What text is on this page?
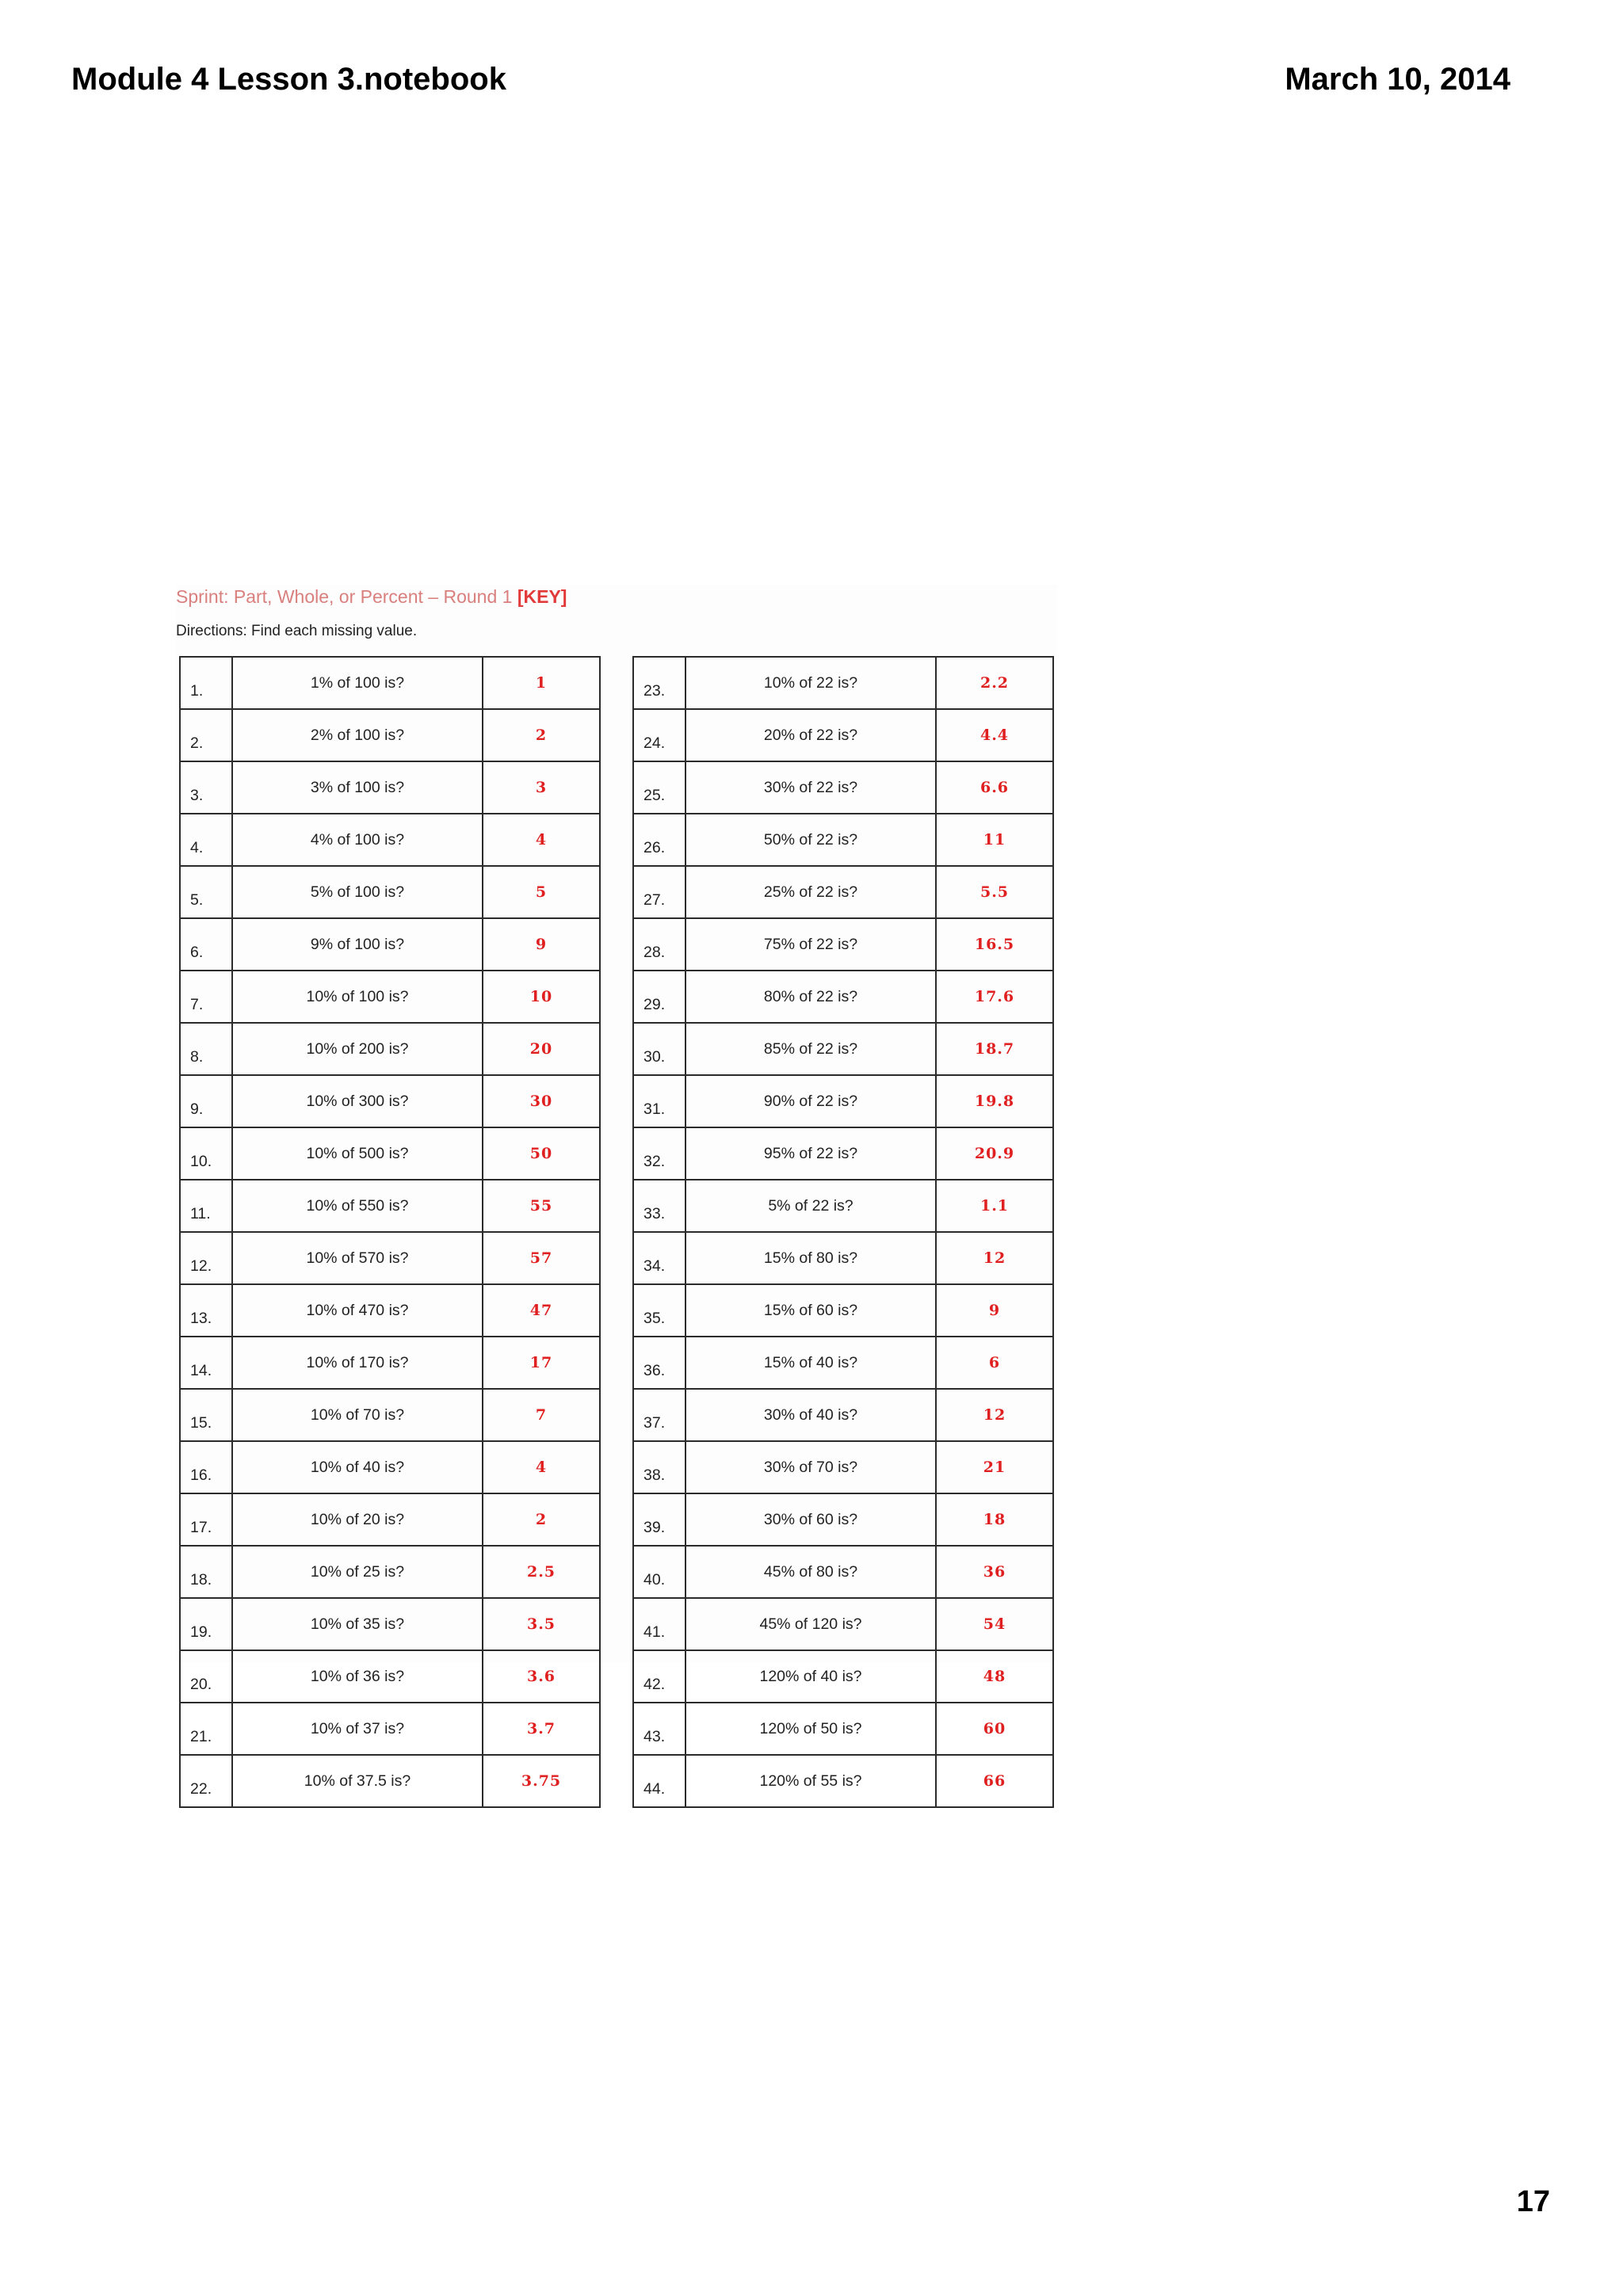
Module 4 Lesson 3.notebook	March 10, 2014
Sprint: Part, Whole, or Percent – Round 1 [KEY]
Directions: Find each missing value.
1.	1% of 100 is?	1
2.	2% of 100 is?	2
3.	3% of 100 is?	3
4.	4% of 100 is?	4
5.	5% of 100 is?	5
6.	9% of 100 is?	9
7.	10% of 100 is?	10
8.	10% of 200 is?	20
9.	10% of 300 is?	30
10.	10% of 500 is?	50
11.	10% of 550 is?	55
12.	10% of 570 is?	57
13.	10% of 470 is?	47
14.	10% of 170 is?	17
15.	10% of 70 is?	7
16.	10% of 40 is?	4
17.	10% of 20 is?	2
18.	10% of 25 is?	2.5
19.	10% of 35 is?	3.5
20.	10% of 36 is?	3.6
21.	10% of 37 is?	3.7
22.	10% of 37.5 is?	3.75
23.	10% of 22 is?	2.2
24.	20% of 22 is?	4.4
25.	30% of 22 is?	6.6
26.	50% of 22 is?	11
27.	25% of 22 is?	5.5
28.	75% of 22 is?	16.5
29.	80% of 22 is?	17.6
30.	85% of 22 is?	18.7
31.	90% of 22 is?	19.8
32.	95% of 22 is?	20.9
33.	5% of 22 is?	1.1
34.	15% of 80 is?	12
35.	15% of 60 is?	9
36.	15% of 40 is?	6
37.	30% of 40 is?	12
38.	30% of 70 is?	21
39.	30% of 60 is?	18
40.	45% of 80 is?	36
41.	45% of 120 is?	54
42.	120% of 40 is?	48
43.	120% of 50 is?	60
44.	120% of 55 is?	66
17
